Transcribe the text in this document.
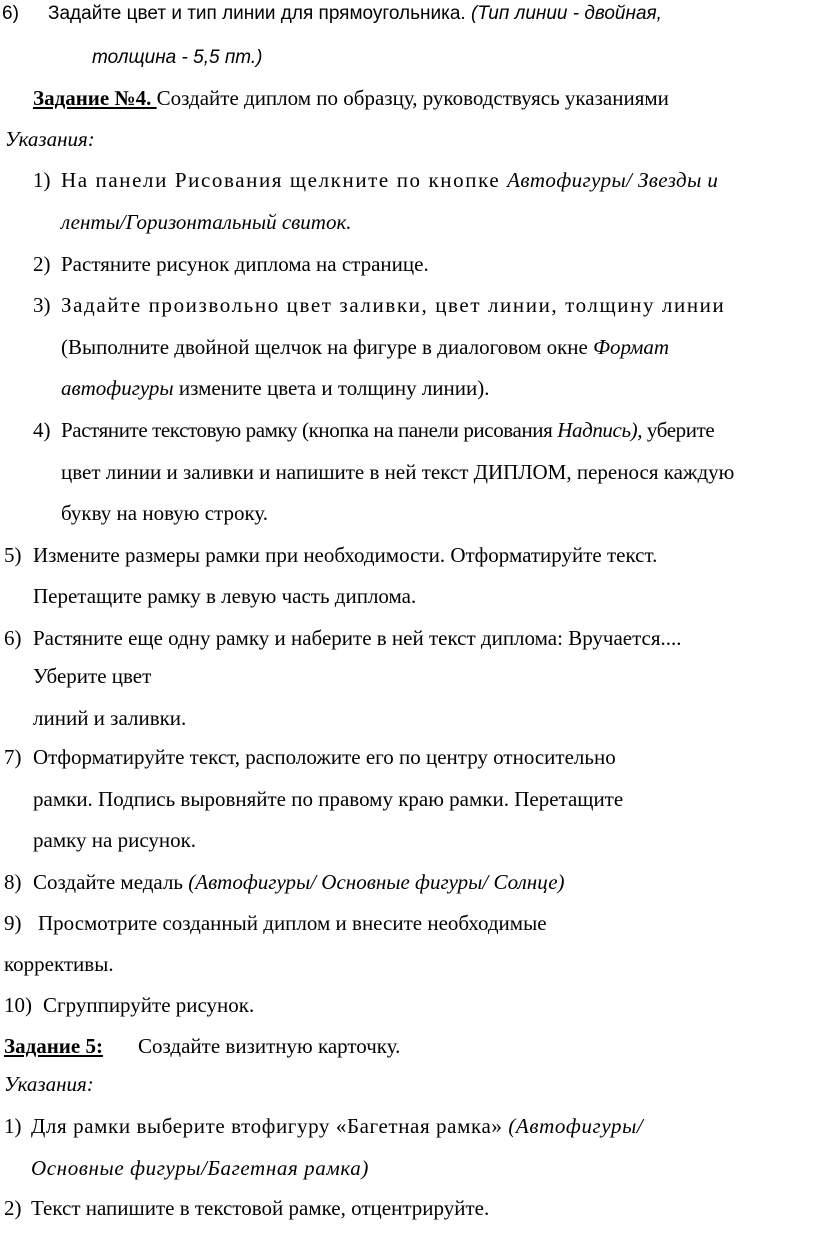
6) Задайте цвет и тип линии для прямоугольника. (Тип линии - двойная,
толщина - 5,5 пт.)
Задание №4. Создайте диплом по образцу, руководствуясь указаниями
Указания:
1) На панели Рисования щелкните по кнопке Автофигуры/ Звезды и
ленты/Горизонтальный свиток.
2) Растяните рисунок диплома на странице.
3) Задайте произвольно цвет заливки, цвет линии, толщину линии
(Выполните двойной щелчок на фигуре в диалоговом окне Формат
автофигуры измените цвета и толщину линии).
4) Растяните текстовую рамку (кнопка на панели рисования Надпись), уберите
цвет линии и заливки и напишите в ней текст ДИПЛОМ, перенося каждую
букву на новую строку.
5) Измените размеры рамки при необходимости. Отформатируйте текст.
Перетащите рамку в левую часть диплома.
6) Растяните еще одну рамку и наберите в ней текст диплома: Вручается....
Уберите цвет
линий и заливки.
7) Отформатируйте текст, расположите его по центру относительно
рамки. Подпись выровняйте по правому краю рамки. Перетащите
рамку на рисунок.
8) Создайте медаль (Автофигуры/ Основные фигуры/ Солнце)
9) Просмотрите созданный диплом и внесите необходимые
коррективы.
10) Сгруппируйте рисунок.
Задание 5: Создайте визитную карточку.
Указания:
1) Для рамки выберите втофигуру «Багетная рамка» (Автофигуры/
Основные фигуры/Багетная рамка)
2) Текст напишите в текстовой рамке, отцентрируйте.
